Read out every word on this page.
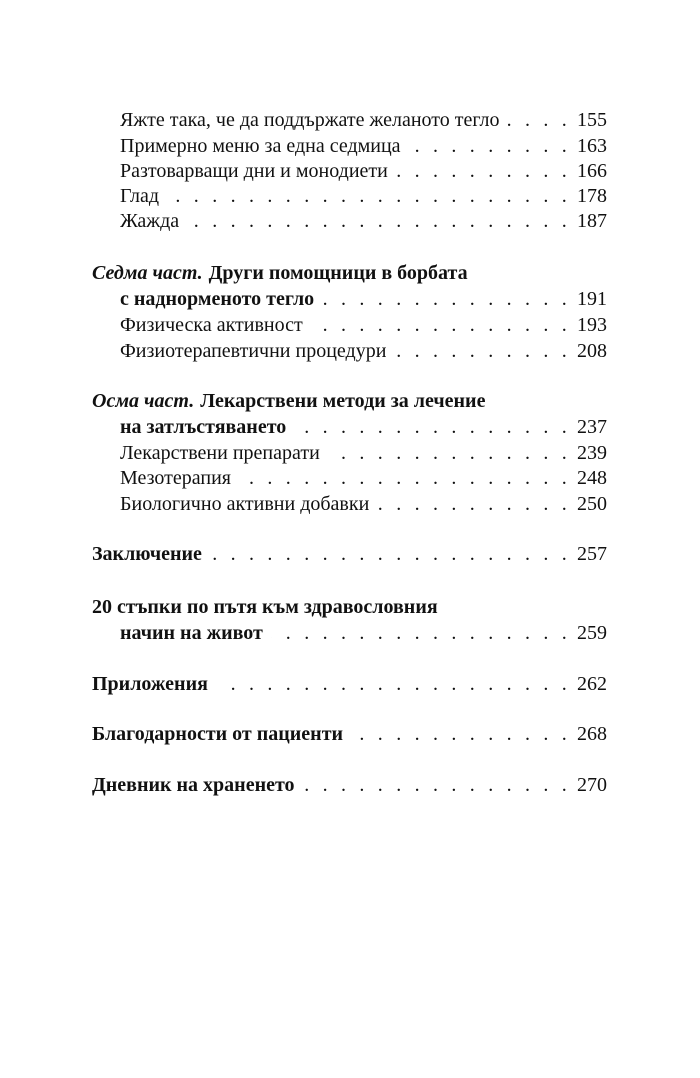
Яжте така, че да поддържате желаното тегло . . .	155
Примерно меню за една седмица . . .	163
Разтоварващи дни и монодиети . . .	166
Глад . . .	178
Жажда . . .	187
Седма част. Други помощници в борбата
с наднорменото тегло . . .	191
Физическа активност . . .	193
Физиотерапевтични процедури . . .	208
Осма част. Лекарствени методи за лечение
на затлъстяването . . .	237
Лекарствени препарати . . .	239
Мезотерапия . . .	248
Биологично активни добавки . . .	250
Заключение . . .	257
20 стъпки по пътя към здравословния
начин на живот . . .	259
Приложения . . .	262
Благодарности от пациенти . . .	268
Дневник на храненето . . .	270
